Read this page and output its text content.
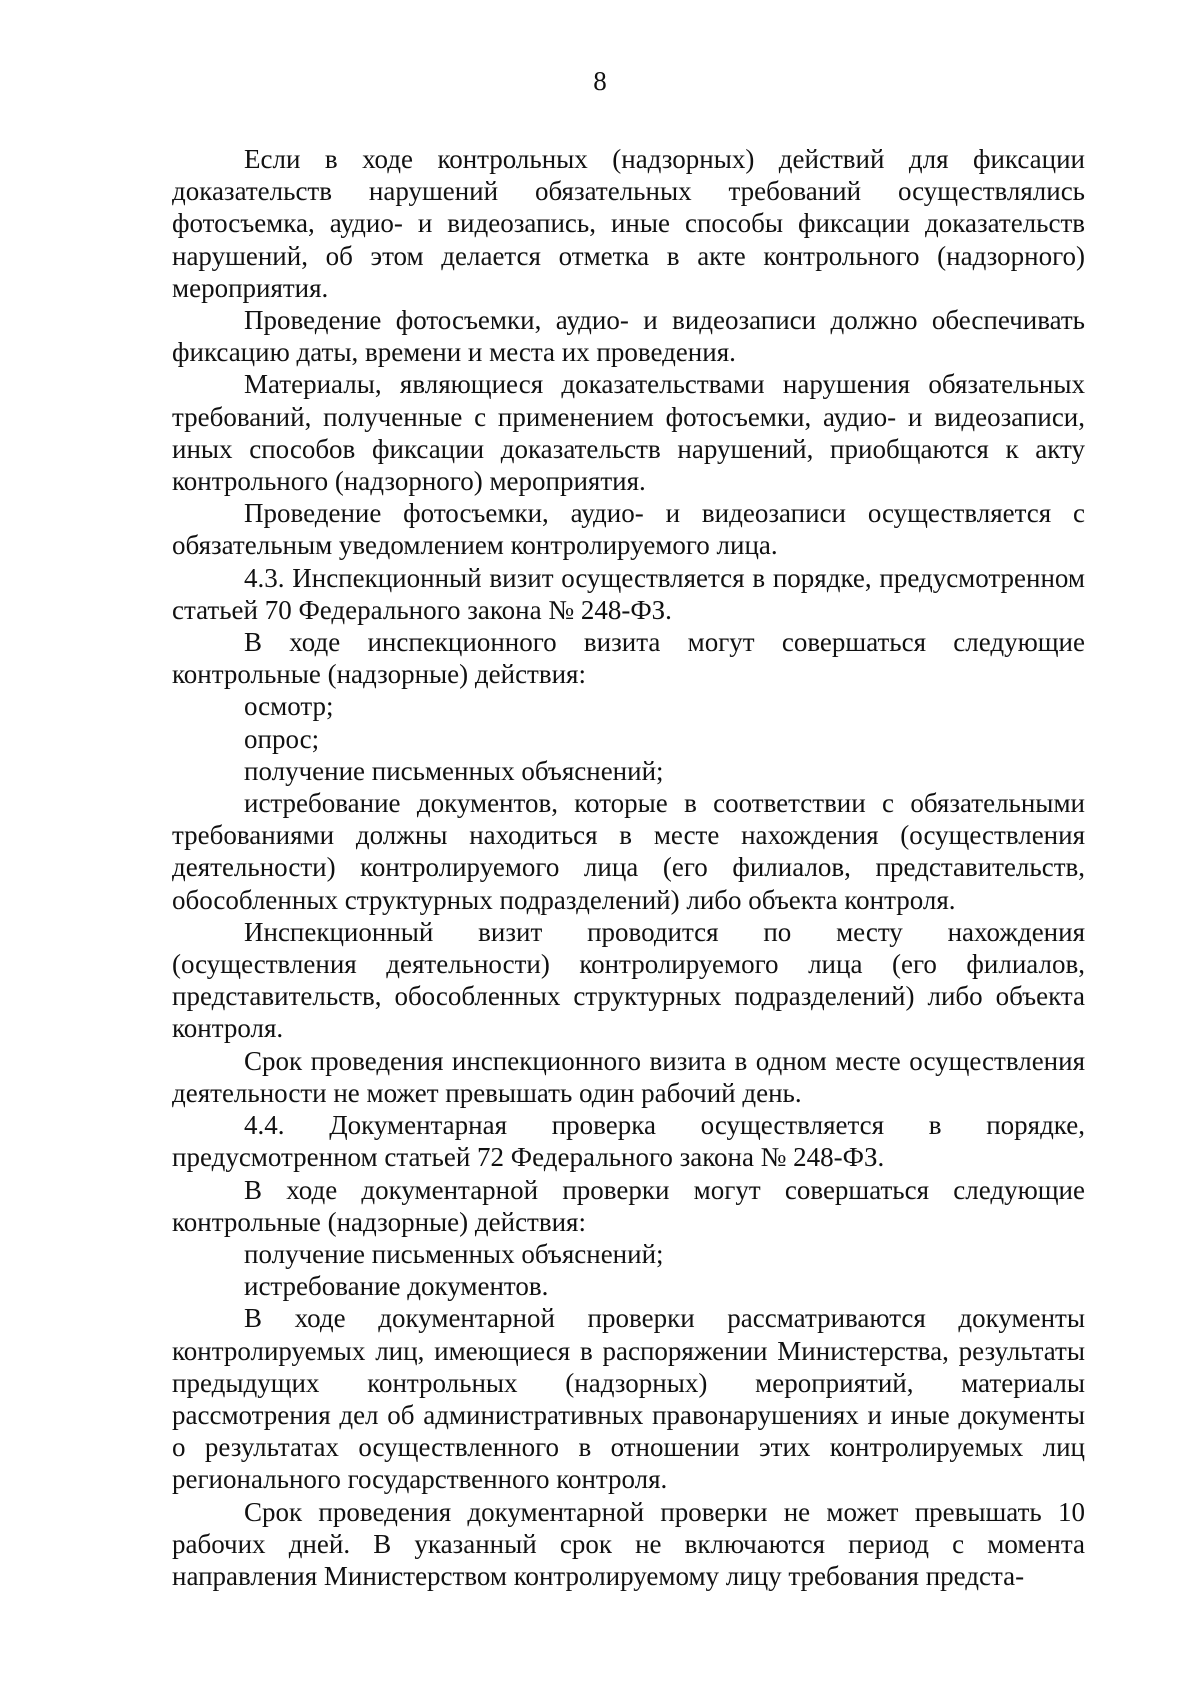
8

Если в ходе контрольных (надзорных) действий для фиксации доказательств нарушений обязательных требований осуществлялись фотосъемка, аудио- и видеозапись, иные способы фиксации доказательств нарушений, об этом делается отметка в акте контрольного (надзорного) мероприятия.

Проведение фотосъемки, аудио- и видеозаписи должно обеспечивать фиксацию даты, времени и места их проведения.

Материалы, являющиеся доказательствами нарушения обязательных требований, полученные с применением фотосъемки, аудио- и видеозаписи, иных способов фиксации доказательств нарушений, приобщаются к акту контрольного (надзорного) мероприятия.

Проведение фотосъемки, аудио- и видеозаписи осуществляется с обязательным уведомлением контролируемого лица.

4.3. Инспекционный визит осуществляется в порядке, предусмотренном статьей 70 Федерального закона № 248-ФЗ.

В ходе инспекционного визита могут совершаться следующие контрольные (надзорные) действия:

осмотр;

опрос;

получение письменных объяснений;

истребование документов, которые в соответствии с обязательными требованиями должны находиться в месте нахождения (осуществления деятельности) контролируемого лица (его филиалов, представительств, обособленных структурных подразделений) либо объекта контроля.

Инспекционный визит проводится по месту нахождения (осуществления деятельности) контролируемого лица (его филиалов, представительств, обособленных структурных подразделений) либо объекта контроля.

Срок проведения инспекционного визита в одном месте осуществления деятельности не может превышать один рабочий день.

4.4. Документарная проверка осуществляется в порядке, предусмотренном статьей 72 Федерального закона № 248-ФЗ.

В ходе документарной проверки могут совершаться следующие контрольные (надзорные) действия:

получение письменных объяснений;

истребование документов.

В ходе документарной проверки рассматриваются документы контролируемых лиц, имеющиеся в распоряжении Министерства, результаты предыдущих контрольных (надзорных) мероприятий, материалы рассмотрения дел об административных правонарушениях и иные документы о результатах осуществленного в отношении этих контролируемых лиц регионального государственного контроля.

Срок проведения документарной проверки не может превышать 10 рабочих дней. В указанный срок не включаются период с момента направления Министерством контролируемому лицу требования предста-
